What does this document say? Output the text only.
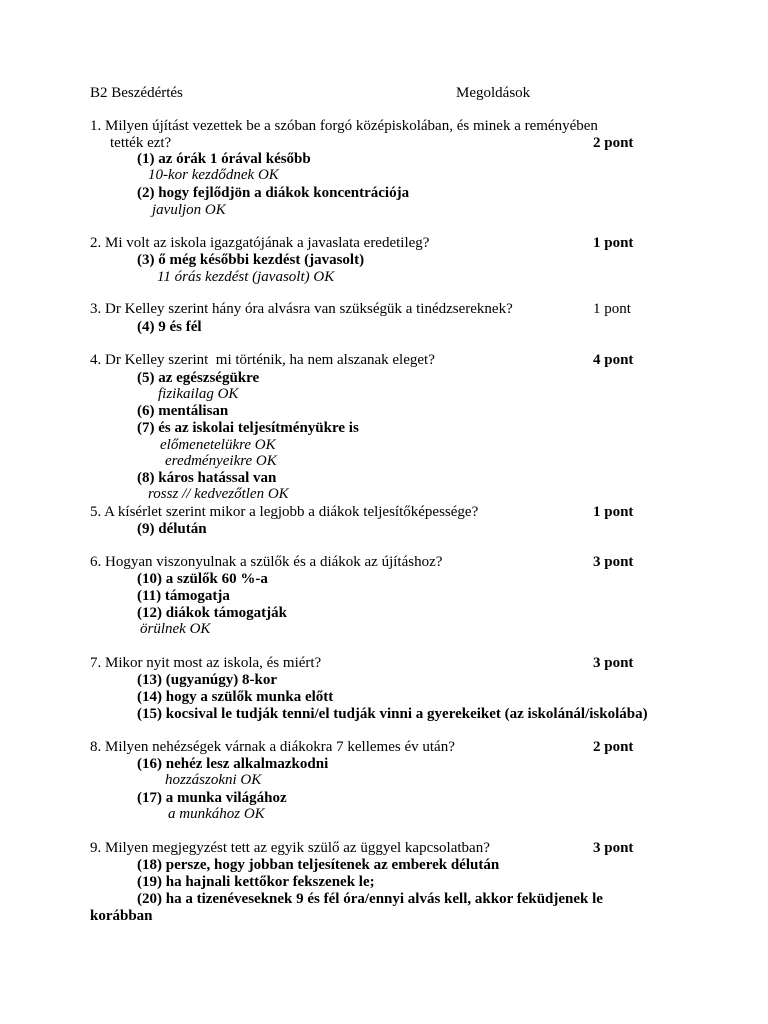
B2 Beszédértés	Megoldások
1. Milyen újítást vezettek be a szóban forgó középiskolában, és minek a reményében
tették ezt?	2 pont
(1) az órák 1 órával később
10-kor kezdődnek OK
(2) hogy fejlődjön a diákok koncentrációja
javuljon OK
2. Mi volt az iskola igazgatójának a javaslata eredetileg?	1 pont
(3) ő még későbbi kezdést (javasolt)
11 órás kezdést (javasolt) OK
3. Dr Kelley szerint hány óra alvásra van szükségük a tinédzsereknek?	1 pont
(4) 9 és fél
4. Dr Kelley szerint  mi történik, ha nem alszanak eleget?	4 pont
(5) az egészségükre
fizikailag OK
(6) mentálisan
(7) és az iskolai teljesítményükre is
előmenetelükre OK
eredményeikre OK
(8) káros hatással van
rossz // kedvezőtlen OK
5. A kísérlet szerint mikor a legjobb a diákok teljesítőképessége?	1 pont
(9) délután
6. Hogyan viszonyulnak a szülők és a diákok az újításhoz?	3 pont
(10) a szülők 60 %-a
(11) támogatja
(12) diákok támogatják
örülnek OK
7. Mikor nyit most az iskola, és miért?	3 pont
(13) (ugyanúgy) 8-kor
(14) hogy a szülők munka előtt
(15) kocsival le tudják tenni/el tudják vinni a gyerekeiket (az iskolánál/iskolába)
8. Milyen nehézségek várnak a diákokra 7 kellemes év után?	2 pont
(16) nehéz lesz alkalmazkodni
hozzászokni OK
(17) a munka világához
a munkához OK
9. Milyen megjegyzést tett az egyik szülő az üggyel kapcsolatban?	3 pont
(18) persze, hogy jobban teljesítenek az emberek délután
(19) ha hajnali kettőkor fekszenek le;
(20) ha a tizenéveseknek 9 és fél óra/ennyi alvás kell, akkor feküdjenek le
korábban
